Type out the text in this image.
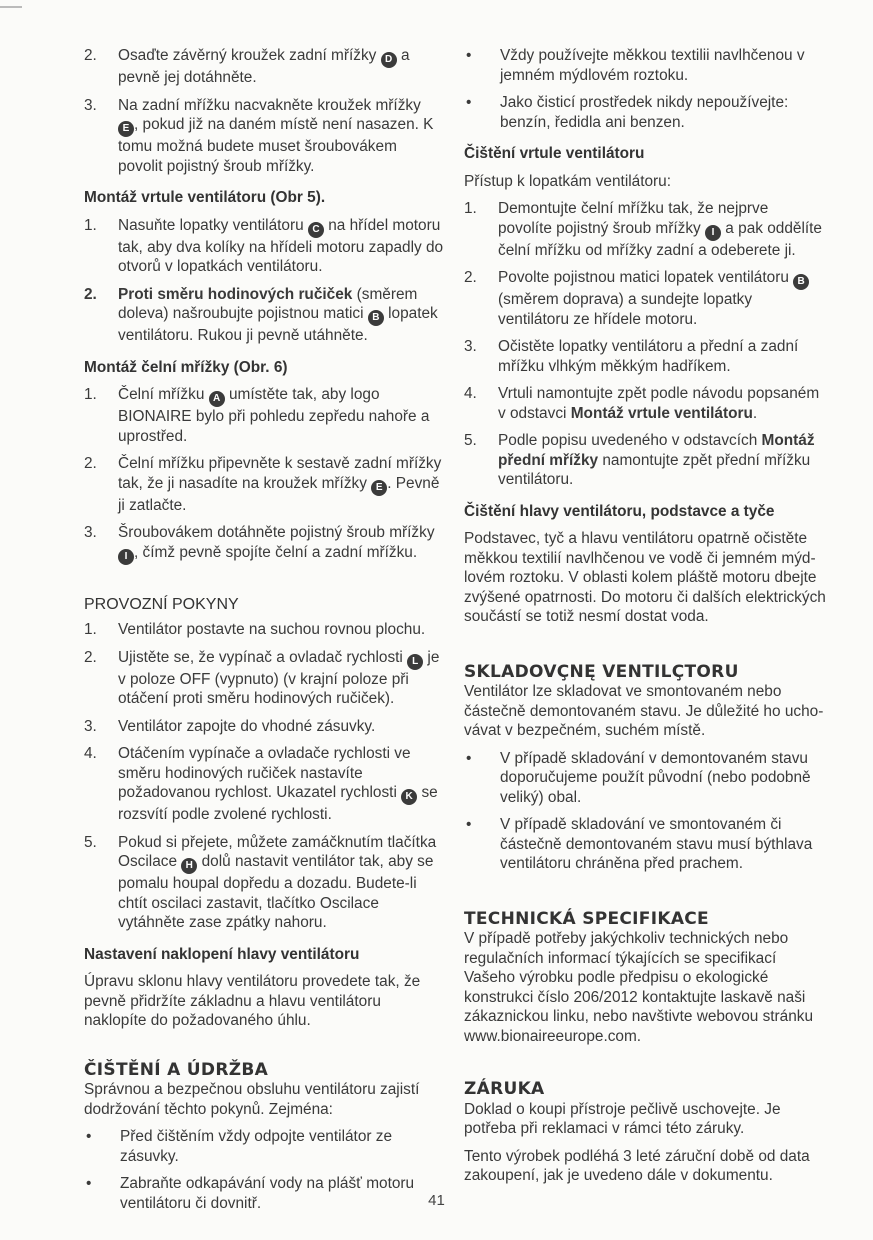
2.	Osaďte závěrný kroužek zadní mřížky D a pevně jej dotáhněte.
3.	Na zadní mřížku nacvakněte kroužek mřížky
E , pokud již na daném místě není nasazen. K tomu možná budete muset šroubovákem povolit pojistný šroub mřížky.
Montáž vrtule ventilátoru (Obr 5).
1.	Nasuňte lopatky ventilátoru C na hřídel motoru tak, aby dva kolíky na hřídeli motoru zapadly do otvorů v lopatkách ventilátoru.
2.	Proti směru hodinových ručiček (směrem doleva) našroubujte pojistnou matici B lopatek ventilátoru. Rukou ji pevně utáhněte.
Montáž čelní mřížky (Obr. 6)
1.	Čelní mřížku A umístěte tak, aby logo BIONAIRE bylo při pohledu zepředu nahoře a uprostřed.
2.	Čelní mřížku připevněte k sestavě zadní mřížky tak, že ji nasadíte na kroužek mřížky E . Pevně ji zatlačte.
3.	Šroubovákem dotáhněte pojistný šroub mřížky
I , čímž pevně spojíte čelní a zadní mřížku.
PROVOZNÍ POKYNY
1.	Ventilátor postavte na suchou rovnou plochu.
2.	Ujistěte se, že vypínač a ovladač rychlosti L je v poloze OFF (vypnuto) (v krajní poloze při otáčení proti směru hodinových ručiček).
3.	Ventilátor zapojte do vhodné zásuvky.
4.	Otáčením vypínače a ovladače rychlosti ve směru hodinových ručiček nastavíte požadovanou rychlost. Ukazatel rychlosti K se rozsvítí podle zvolené rychlosti.
5.	Pokud si přejete, můžete zamáčknutím tlačítka Oscilace H dolů nastavit ventilátor tak, aby se pomalu houpal dopředu a dozadu. Budete-li chtít oscilaci zastavit, tlačítko Oscilace vytáhněte zase zpátky nahoru.
Nastavení naklopení hlavy ventilátoru

Úpravu sklonu hlavy ventilátoru provedete tak, že pevně přidržíte základnu a hlavu ventilátoru naklopíte do požadovaného úhlu.

ČIŠTĚNÍ A ÚDRŽBA

Správnou a bezpečnou obsluhu ventilátoru zajistí dodržování těchto pokynů. Zejména:

•	Před čištěním vždy odpojte ventilátor ze zásuvky.
•	Zabraňte odkapávání vody na plášť motoru ventilátoru či dovnitř.
•	Vždy používejte měkkou textilii navlhčenou v jemném mýdlovém roztoku.
•	Jako čisticí prostředek nikdy nepoužívejte: benzín, ředidla ani benzen.
Čištění vrtule ventilátoru

Přístup k lopatkám ventilátoru:

1.	Demontujte čelní mřížku tak, že nejprve povolíte pojistný šroub mřížky I a pak oddělíte čelní mřížku od mřížky zadní a odeberete ji.
2.	Povolte pojistnou matici lopatek ventilátoru B (směrem doprava) a sundejte lopatky ventilátoru ze hřídele motoru.
3.	Očistěte lopatky ventilátoru a přední a zadní mřížku vlhkým měkkým hadříkem.
4.	Vrtuli namontujte zpět podle návodu popsaném v odstavci Montáž vrtule ventilátoru.
5.	Podle popisu uvedeného v odstavcích Montáž přední mřížky namontujte zpět přední mřížku ventilátoru.
Čištění hlavy ventilátoru, podstavce a tyče

Podstavec, tyč a hlavu ventilátoru opatrně očistěte měkkou textilií navlhčenou ve vodě či jemném mýd-lovém roztoku. V oblasti kolem pláště motoru dbejte zvýšené opatrnosti. Do motoru či dalších elektrických součástí se totiž nesmí dostat voda.

SKLADOVÇNĘ VENTILÇTORU

Ventilátor lze skladovat ve smontovaném nebo částečně demontovaném stavu. Je důležité ho ucho-vávat v bezpečném, suchém místě.

•	V případě skladování v demontovaném stavu doporučujeme použít původní (nebo podobně veliký) obal.
•	V případě skladování ve smontovaném či částečně demontovaném stavu musí býthlava ventilátoru chráněna před prachem.
TECHNICKÁ SPECIFIKACE

V případě potřeby jakýchkoliv technických nebo regulačních informací týkajících se specifikací Vašeho výrobku podle předpisu o ekologické konstrukci číslo 206/2012 kontaktujte laskavě naši zákaznickou linku, nebo navštivte webovou stránku www.bionaireeurope.com.

ZÁRUKA

Doklad o koupi přístroje pečlivě uschovejte. Je potřeba při reklamaci v rámci této záruky.

Tento výrobek podléhá 3 leté záruční době od data zakoupení, jak je uvedeno dále v dokumentu.

41
